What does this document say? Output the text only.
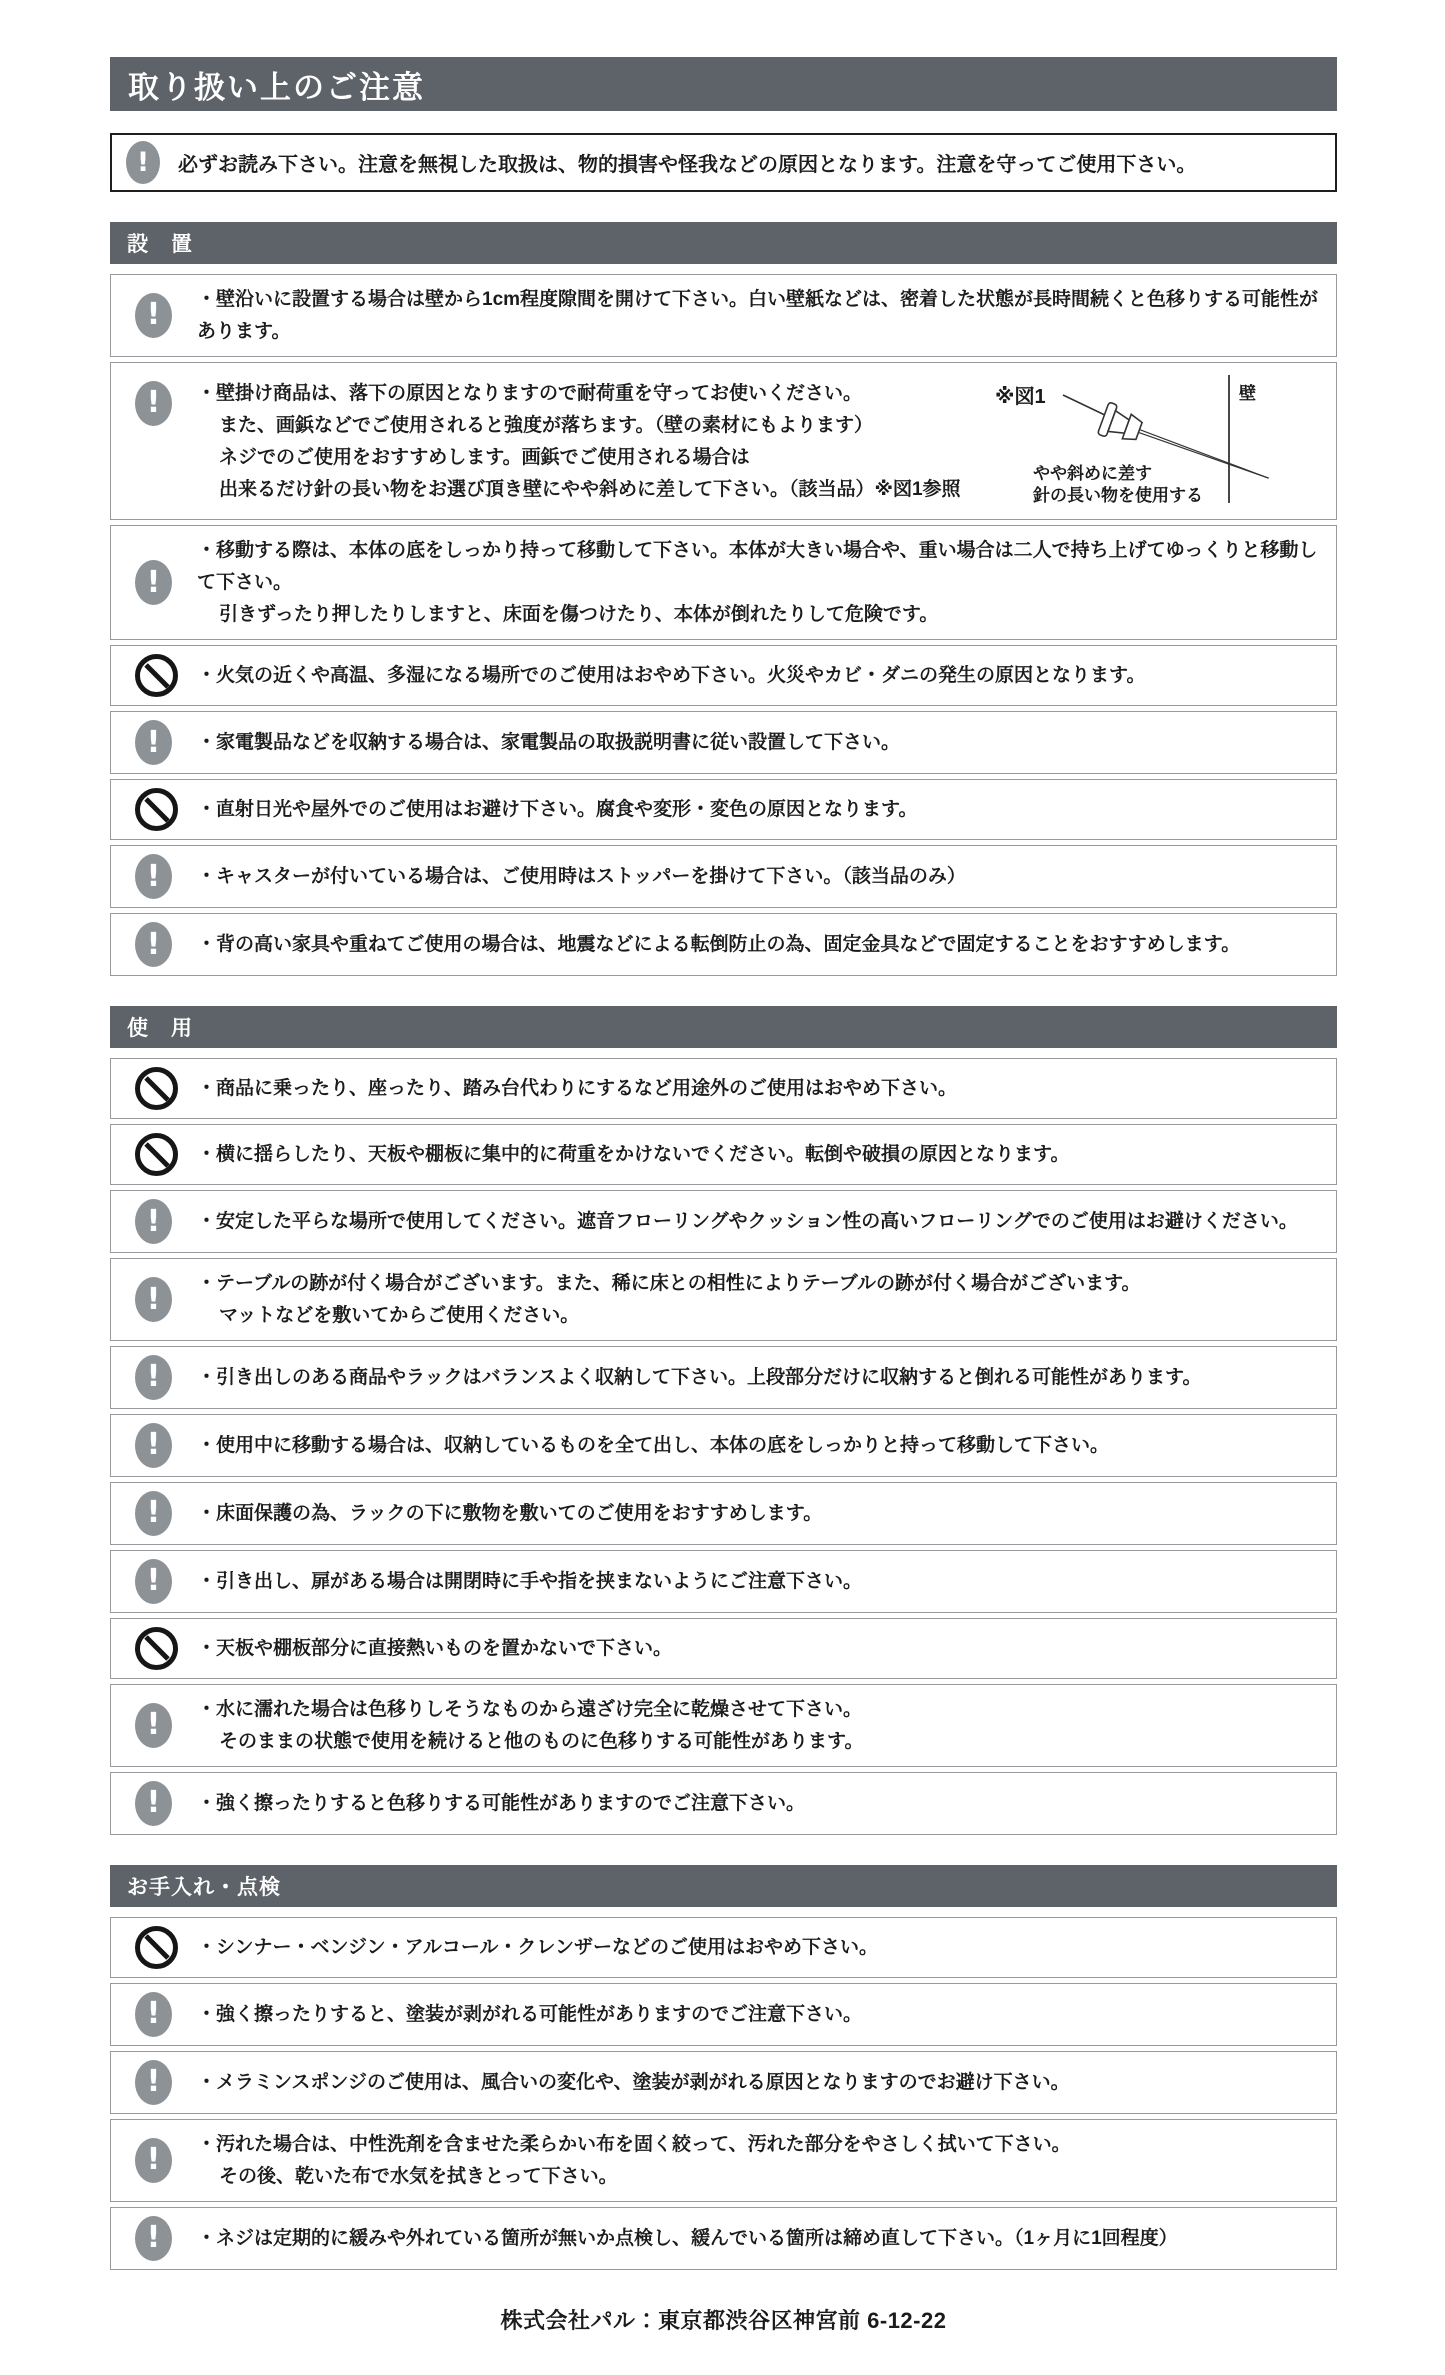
取り扱い上のご注意
!	必ずお読み下さい。注意を無視した取扱は、物的損害や怪我などの原因となります。注意を守ってご使用下さい。
設　置
!	・壁沿いに設置する場合は壁から1cm程度隙間を開けて下さい。白い壁紙などは、密着した状態が長時間続くと色移りする可能性があります。
!	・壁掛け商品は、落下の原因となりますので耐荷重を守ってお使いください。
また、画鋲などでご使用されると強度が落ちます。（壁の素材にもよります）
ネジでのご使用をおすすめします。画鋲でご使用される場合は
出来るだけ針の長い物をお選び頂き壁にやや斜めに差して下さい。（該当品）※図1参照
※図1	壁
やや斜めに差す
針の長い物を使用する
!
・移動する際は、本体の底をしっかり持って移動して下さい。本体が大きい場合や、重い場合は二人で持ち上げてゆっくりと移動して下さい。
引きずったり押したりしますと、床面を傷つけたり、本体が倒れたりして危険です。
・火気の近くや高温、多湿になる場所でのご使用はおやめ下さい。火災やカビ・ダニの発生の原因となります。
!	・家電製品などを収納する場合は、家電製品の取扱説明書に従い設置して下さい。
・直射日光や屋外でのご使用はお避け下さい。腐食や変形・変色の原因となります。
!	・キャスターが付いている場合は、ご使用時はストッパーを掛けて下さい。（該当品のみ）
!	・背の高い家具や重ねてご使用の場合は、地震などによる転倒防止の為、固定金具などで固定することをおすすめします。
使　用
・商品に乗ったり、座ったり、踏み台代わりにするなど用途外のご使用はおやめ下さい。
・横に揺らしたり、天板や棚板に集中的に荷重をかけないでください。転倒や破損の原因となります。
!	・安定した平らな場所で使用してください。遮音フローリングやクッション性の高いフローリングでのご使用はお避けください。
!	・テーブルの跡が付く場合がございます。また、稀に床との相性によりテーブルの跡が付く場合がございます。
マットなどを敷いてからご使用ください。
!	・引き出しのある商品やラックはバランスよく収納して下さい。上段部分だけに収納すると倒れる可能性があります。
!	・使用中に移動する場合は、収納しているものを全て出し、本体の底をしっかりと持って移動して下さい。
!	・床面保護の為、ラックの下に敷物を敷いてのご使用をおすすめします。
!	・引き出し、扉がある場合は開閉時に手や指を挟まないようにご注意下さい。
・天板や棚板部分に直接熱いものを置かないで下さい。
!	・水に濡れた場合は色移りしそうなものから遠ざけ完全に乾燥させて下さい。
そのままの状態で使用を続けると他のものに色移りする可能性があります。
!	・強く擦ったりすると色移りする可能性がありますのでご注意下さい。
お手入れ・点検
・シンナー・ベンジン・アルコール・クレンザーなどのご使用はおやめ下さい。
!	・強く擦ったりすると、塗装が剥がれる可能性がありますのでご注意下さい。
!	・メラミンスポンジのご使用は、風合いの変化や、塗装が剥がれる原因となりますのでお避け下さい。
!	・汚れた場合は、中性洗剤を含ませた柔らかい布を固く絞って、汚れた部分をやさしく拭いて下さい。
その後、乾いた布で水気を拭きとって下さい。
!	・ネジは定期的に緩みや外れている箇所が無いか点検し、緩んでいる箇所は締め直して下さい。（1ヶ月に1回程度）
株式会社パル：東京都渋谷区神宮前 6-12-22
